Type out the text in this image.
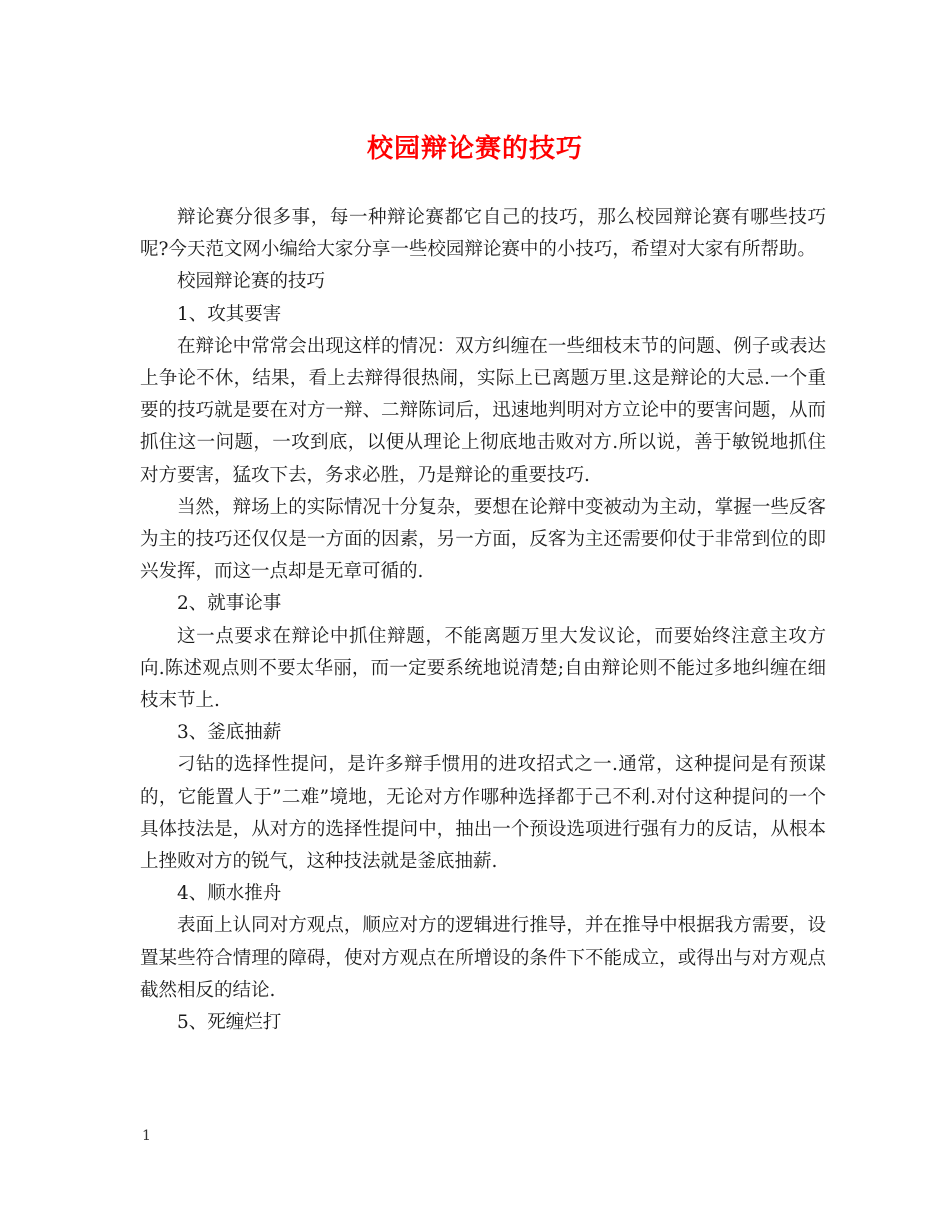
校园辩论赛的技巧

辩论赛分很多事，每一种辩论赛都它自己的技巧，那么校园辩论赛有哪些技巧呢?今天范文网小编给大家分享一些校园辩论赛中的小技巧，希望对大家有所帮助。

校园辩论赛的技巧

1、攻其要害

在辩论中常常会出现这样的情况：双方纠缠在一些细枝末节的问题、例子或表达上争论不休，结果，看上去辩得很热闹，实际上已离题万里.这是辩论的大忌.一个重要的技巧就是要在对方一辩、二辩陈词后，迅速地判明对方立论中的要害问题，从而抓住这一问题，一攻到底，以便从理论上彻底地击败对方.所以说，善于敏锐地抓住对方要害，猛攻下去，务求必胜，乃是辩论的重要技巧.

当然，辩场上的实际情况十分复杂，要想在论辩中变被动为主动，掌握一些反客为主的技巧还仅仅是一方面的因素，另一方面，反客为主还需要仰仗于非常到位的即兴发挥，而这一点却是无章可循的.

2、就事论事

这一点要求在辩论中抓住辩题，不能离题万里大发议论，而要始终注意主攻方向.陈述观点则不要太华丽，而一定要系统地说清楚;自由辩论则不能过多地纠缠在细枝末节上.

3、釜底抽薪

刁钻的选择性提问，是许多辩手惯用的进攻招式之一.通常，这种提问是有预谋的，它能置人于”二难”境地，无论对方作哪种选择都于己不利.对付这种提问的一个具体技法是，从对方的选择性提问中，抽出一个预设选项进行强有力的反诘，从根本上挫败对方的锐气，这种技法就是釜底抽薪.

4、顺水推舟

表面上认同对方观点，顺应对方的逻辑进行推导，并在推导中根据我方需要，设置某些符合情理的障碍，使对方观点在所增设的条件下不能成立，或得出与对方观点截然相反的结论.

5、死缠烂打

1
